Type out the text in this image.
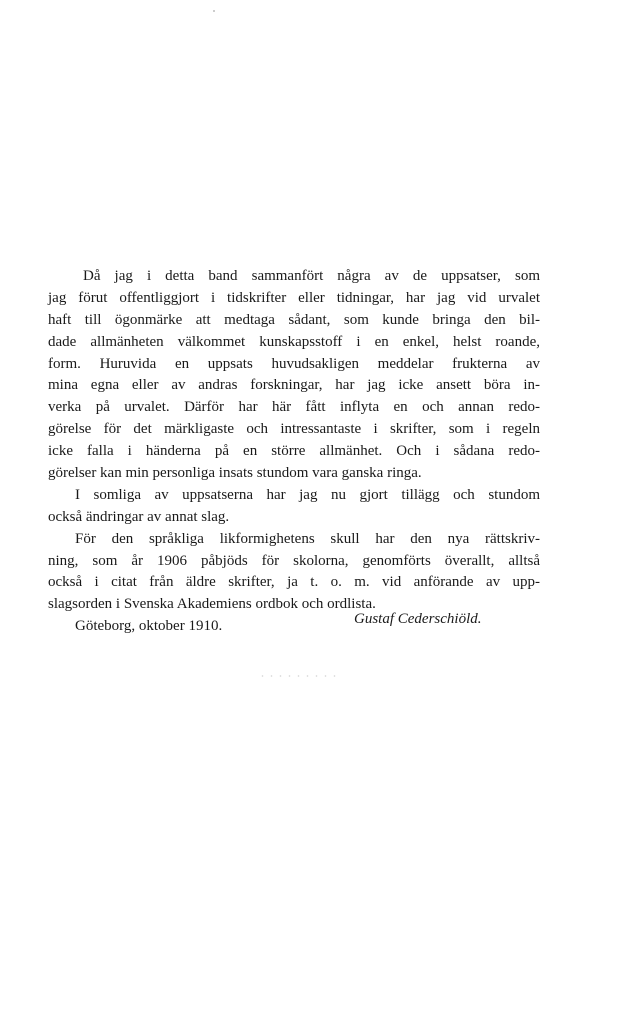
Då jag i detta band sammanfört några av de uppsatser, som
jag förut offentliggjort i tidskrifter eller tidningar, har jag vid urvalet
haft till ögonmärke att medtaga sådant, som kunde bringa den bil-
dade allmänheten välkommet kunskapsstoff i en enkel, helst roande,
form. Huruvida en uppsats huvudsakligen meddelar frukterna av
mina egna eller av andras forskningar, har jag icke ansett böra in-
verka på urvalet. Därför har här fått inflyta en och annan redo-
görelse för det märkligaste och intressantaste i skrifter, som i regeln
icke falla i händerna på en större allmänhet. Och i sådana redo-
görelser kan min personliga insats stundom vara ganska ringa.
I somliga av uppsatserna har jag nu gjort tillägg och stundom
också ändringar av annat slag.
För den språkliga likformighetens skull har den nya rättskriv-
ning, som år 1906 påbjöds för skolorna, genomförts överallt, alltså
också i citat från äldre skrifter, ja t. o. m. vid anförande av upp-
slagsorden i Svenska Akademiens ordbok och ordlista.
Göteborg, oktober 1910.	Gustaf Cederschiöld.
